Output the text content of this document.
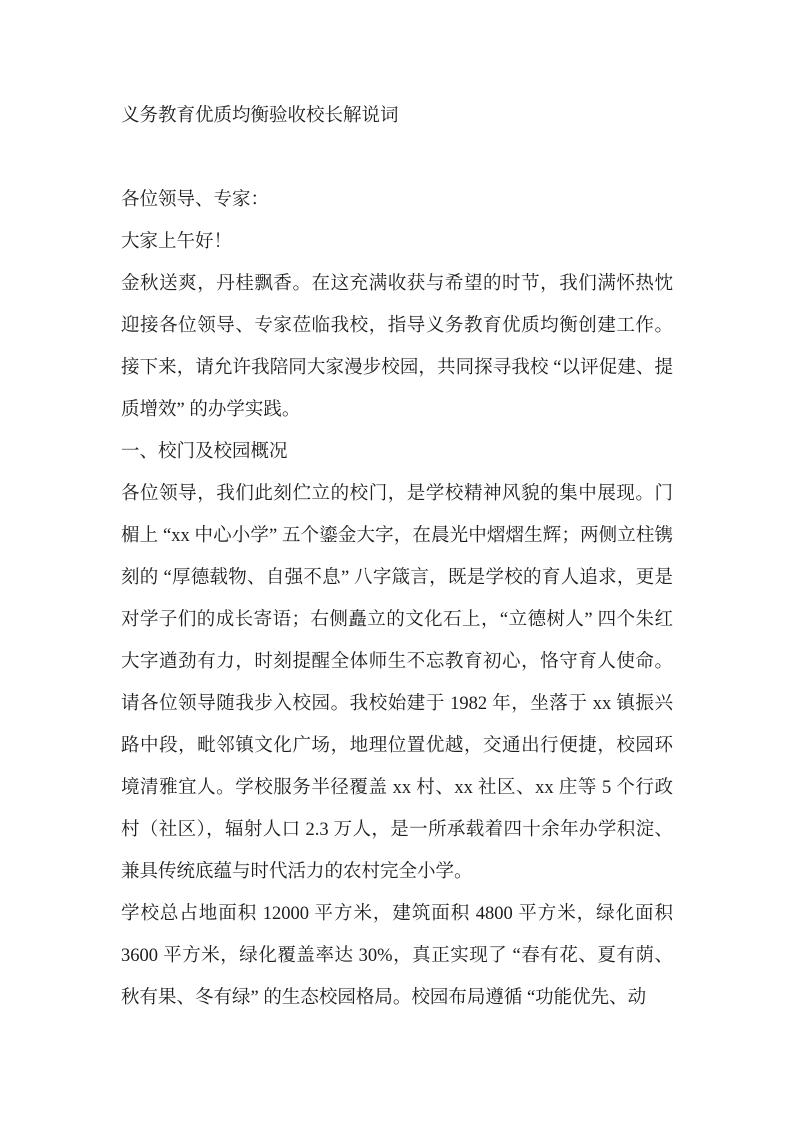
义务教育优质均衡验收校长解说词

各位领导、专家：

大家上午好！

金秋送爽，丹桂飘香。在这充满收获与希望的时节，我们满怀热忱迎接各位领导、专家莅临我校，指导义务教育优质均衡创建工作。接下来，请允许我陪同大家漫步校园，共同探寻我校 “以评促建、提质增效” 的办学实践。

一、校门及校园概况

各位领导，我们此刻伫立的校门，是学校精神风貌的集中展现。门楣上 “xx 中心小学” 五个鎏金大字，在晨光中熠熠生辉；两侧立柱镌刻的 “厚德载物、自强不息” 八字箴言，既是学校的育人追求，更是对学子们的成长寄语；右侧矗立的文化石上，“立德树人” 四个朱红大字遒劲有力，时刻提醒全体师生不忘教育初心，恪守育人使命。请各位领导随我步入校园。我校始建于 1982 年，坐落于 xx 镇振兴路中段，毗邻镇文化广场，地理位置优越，交通出行便捷，校园环境清雅宜人。学校服务半径覆盖 xx 村、xx 社区、xx 庄等 5 个行政村（社区），辐射人口 2.3 万人，是一所承载着四十余年办学积淀、兼具传统底蕴与时代活力的农村完全小学。

学校总占地面积 12000 平方米，建筑面积 4800 平方米，绿化面积 3600 平方米，绿化覆盖率达 30%，真正实现了 “春有花、夏有荫、秋有果、冬有绿” 的生态校园格局。校园布局遵循 “功能优先、动
